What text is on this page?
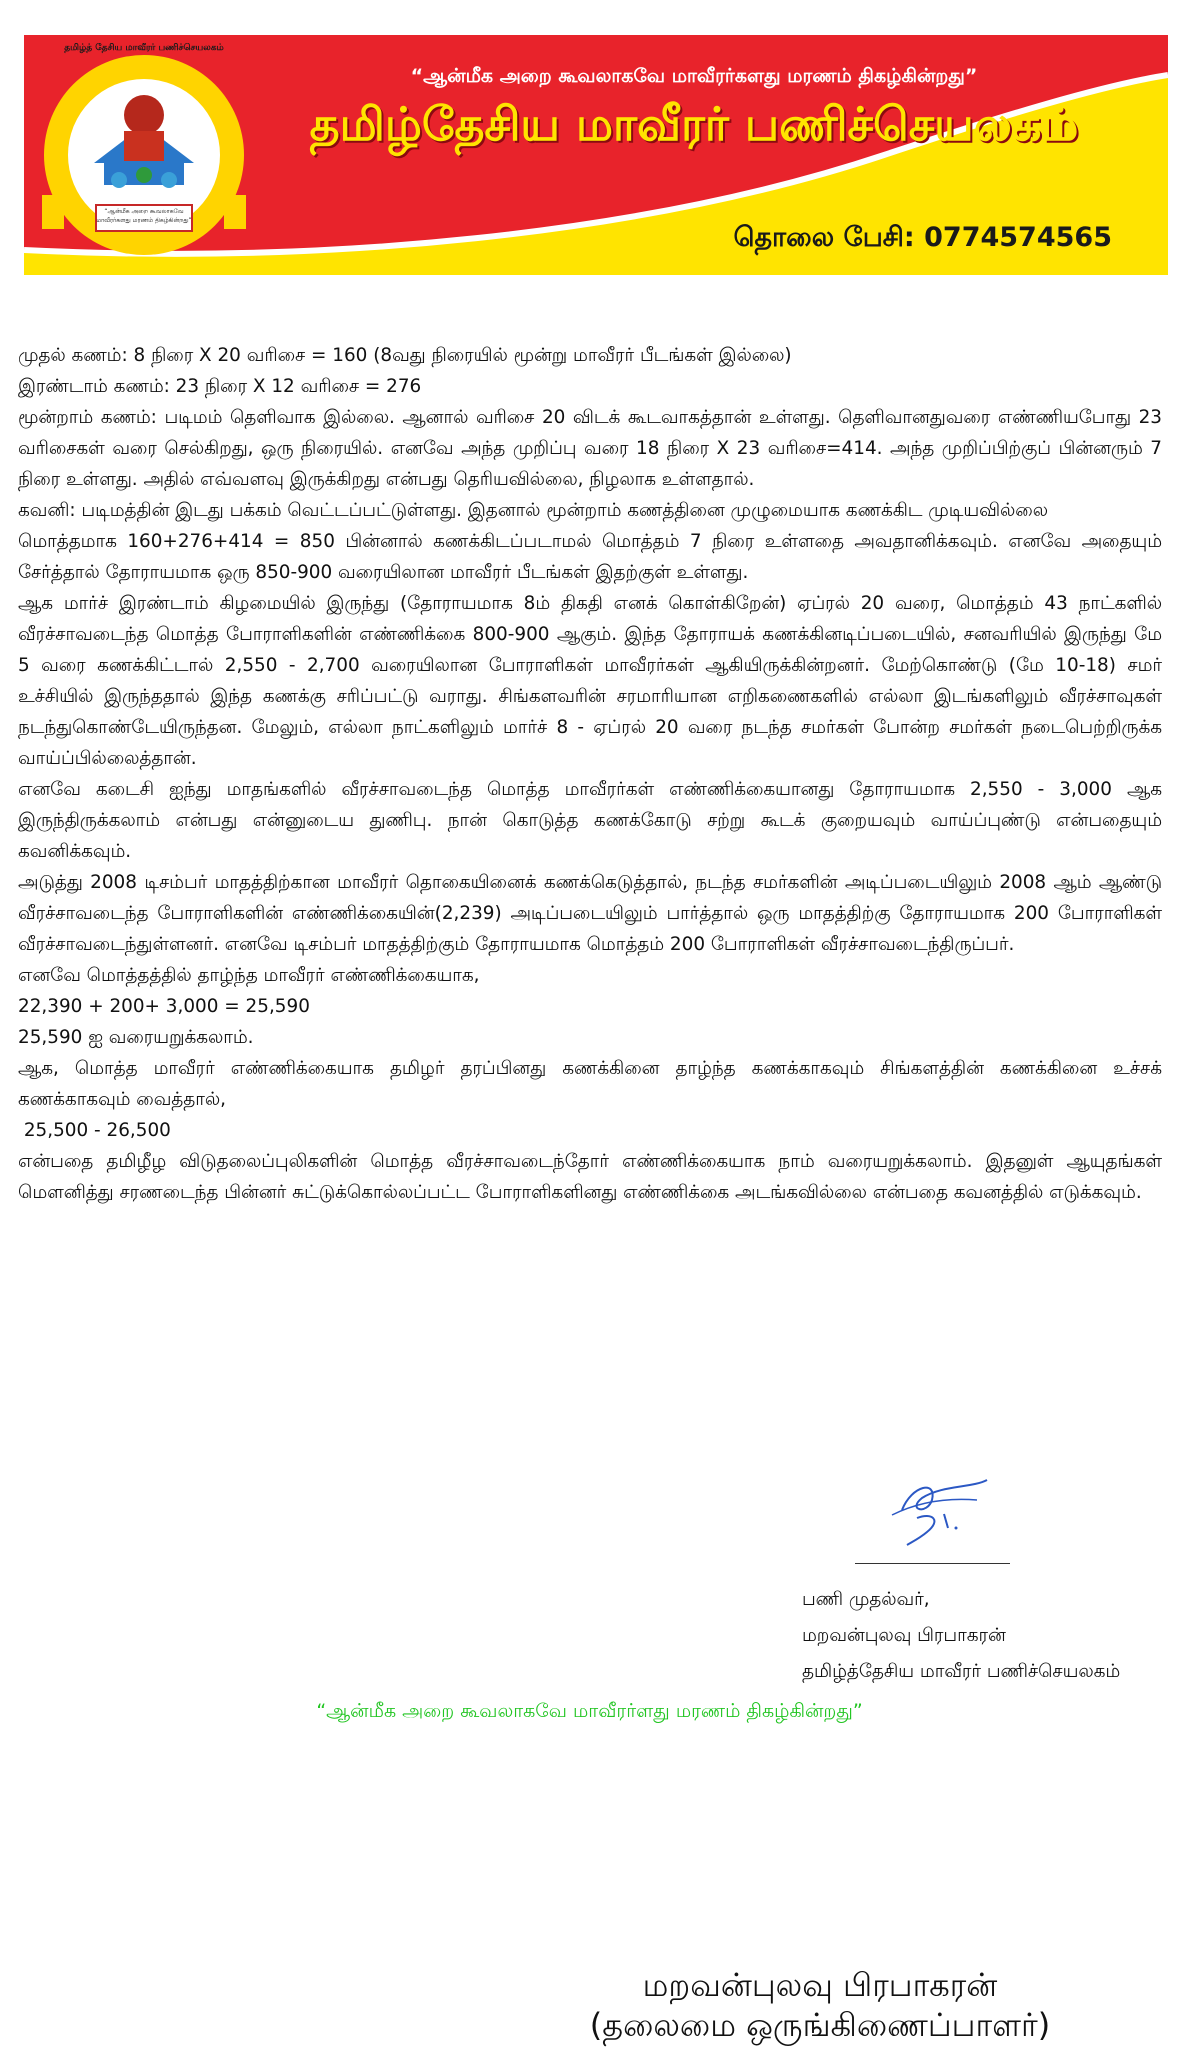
தமிழ்த் தேசிய மாவீரர் பணிச்செயலகம்
“ஆன்மீக அறை கூவலாகவே
மாவீரர்களது மரணம் திகழ்கின்றது”
“ஆன்மீக அறை கூவலாகவே மாவீரர்களது மரணம் திகழ்கின்றது”
தமிழ்தேசிய மாவீரர் பணிச்செயலகம்
தொலை பேசி: 0774574565

முதல் கணம்: 8 நிரை X 20 வரிசை = 160 (8வது நிரையில் மூன்று மாவீரர் பீடங்கள் இல்லை)

இரண்டாம் கணம்: 23 நிரை X 12 வரிசை = 276

மூன்றாம் கணம்: படிமம் தெளிவாக இல்லை. ஆனால் வரிசை 20 விடக் கூடவாகத்தான் உள்ளது. தெளிவானதுவரை எண்ணியபோது 23 வரிசைகள் வரை செல்கிறது, ஒரு நிரையில். எனவே அந்த முறிப்பு வரை 18 நிரை X 23 வரிசை=414. அந்த முறிப்பிற்குப் பின்னரும் 7 நிரை உள்ளது. அதில் எவ்வளவு இருக்கிறது என்பது தெரியவில்லை, நிழலாக உள்ளதால்.

கவனி: படிமத்தின் இடது பக்கம் வெட்டப்பட்டுள்ளது. இதனால் மூன்றாம் கணத்தினை முழுமையாக கணக்கிட முடியவில்லை

மொத்தமாக 160+276+414 = 850 பின்னால் கணக்கிடப்படாமல் மொத்தம் 7 நிரை உள்ளதை அவதானிக்கவும். எனவே அதையும் சேர்த்தால் தோராயமாக ஒரு 850-900 வரையிலான மாவீரர் பீடங்கள் இதற்குள் உள்ளது.

ஆக மார்ச் இரண்டாம் கிழமையில் இருந்து (தோராயமாக 8ம் திகதி எனக் கொள்கிறேன்) ஏப்ரல் 20 வரை, மொத்தம் 43 நாட்களில் வீரச்சாவடைந்த மொத்த போராளிகளின் எண்ணிக்கை 800-900 ஆகும். இந்த தோராயக் கணக்கினடிப்படையில், சனவரியில் இருந்து மே 5 வரை கணக்கிட்டால் 2,550 - 2,700 வரையிலான போராளிகள் மாவீரர்கள் ஆகியிருக்கின்றனர். மேற்கொண்டு (மே 10-18) சமர் உச்சியில் இருந்ததால் இந்த கணக்கு சரிப்பட்டு வராது. சிங்களவரின் சரமாரியான எறிகணைகளில் எல்லா இடங்களிலும் வீரச்சாவுகள் நடந்துகொண்டேயிருந்தன. மேலும், எல்லா நாட்களிலும் மார்ச் 8 - ஏப்ரல் 20 வரை நடந்த சமர்கள் போன்ற சமர்கள் நடைபெற்றிருக்க வாய்ப்பில்லைத்தான்.

எனவே கடைசி ஐந்து மாதங்களில் வீரச்சாவடைந்த மொத்த மாவீரர்கள் எண்ணிக்கையானது தோராயமாக 2,550 - 3,000 ஆக இருந்திருக்கலாம் என்பது என்னுடைய துணிபு. நான் கொடுத்த கணக்கோடு சற்று கூடக் குறையவும் வாய்ப்புண்டு என்பதையும் கவனிக்கவும்.

அடுத்து 2008 டிசம்பர் மாதத்திற்கான மாவீரர் தொகையினைக் கணக்கெடுத்தால், நடந்த சமர்களின் அடிப்படையிலும் 2008 ஆம் ஆண்டு வீரச்சாவடைந்த போராளிகளின் எண்ணிக்கையின்(2,239) அடிப்படையிலும் பார்த்தால் ஒரு மாதத்திற்கு தோராயமாக 200 போராளிகள் வீரச்சாவடைந்துள்ளனர். எனவே டிசம்பர் மாதத்திற்கும் தோராயமாக மொத்தம் 200 போராளிகள் வீரச்சாவடைந்திருப்பர்.

எனவே மொத்தத்தில் தாழ்ந்த மாவீரர் எண்ணிக்கையாக,

22,390 + 200+ 3,000 = 25,590

25,590 ஐ வரையறுக்கலாம்.

ஆக, மொத்த மாவீரர் எண்ணிக்கையாக தமிழர் தரப்பினது கணக்கினை தாழ்ந்த கணக்காகவும் சிங்களத்தின் கணக்கினை உச்சக் கணக்காகவும் வைத்தால்,

25,500 - 26,500

என்பதை தமிழீழ விடுதலைப்புலிகளின் மொத்த வீரச்சாவடைந்தோர் எண்ணிக்கையாக நாம் வரையறுக்கலாம். இதனுள் ஆயுதங்கள் மௌனித்து சரணடைந்த பின்னர் சுட்டுக்கொல்லப்பட்ட போராளிகளினது எண்ணிக்கை அடங்கவில்லை என்பதை கவனத்தில் எடுக்கவும்.

பணி முதல்வர்,
மறவன்புலவு பிரபாகரன்
தமிழ்த்தேசிய மாவீரர் பணிச்செயலகம்
“ஆன்மீக அறை கூவலாகவே மாவீரர்ளது மரணம் திகழ்கின்றது”
மறவன்புலவு பிரபாகரன்
(தலைமை ஒருங்கிணைப்பாளர்)
